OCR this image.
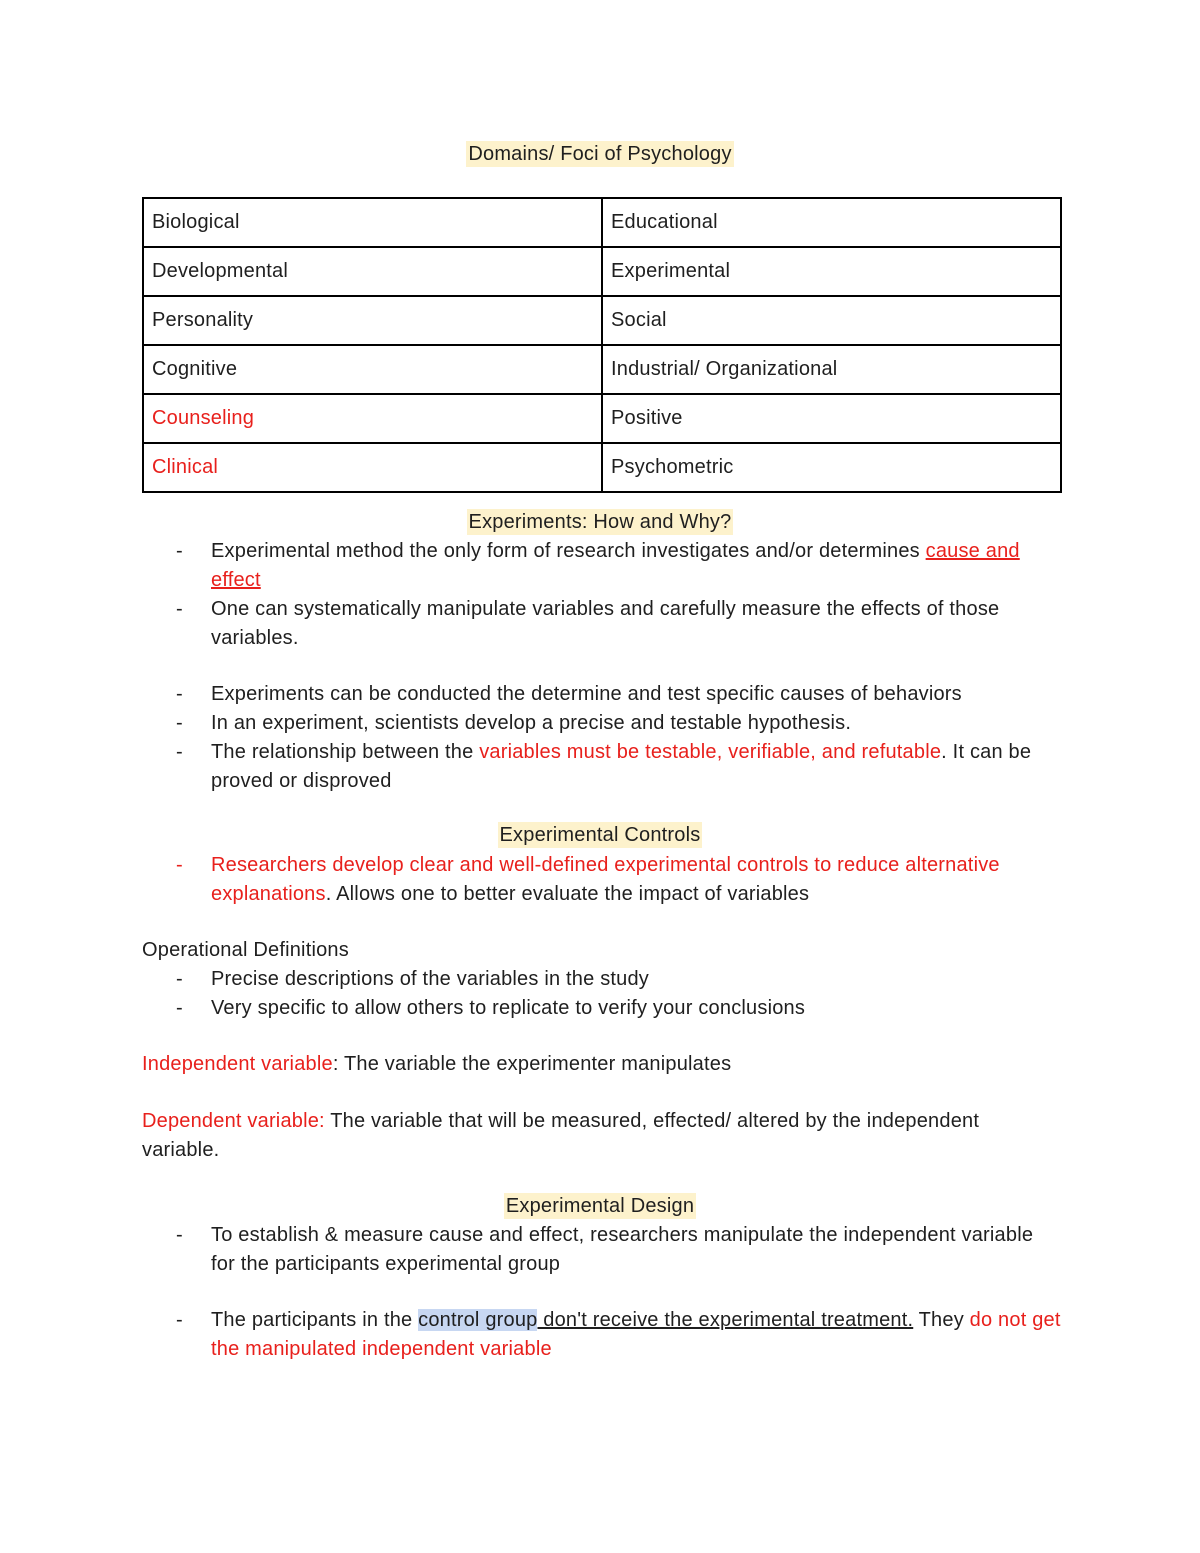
Domains/ Foci of Psychology
Biological	Educational
Developmental	Experimental
Personality	Social
Cognitive	Industrial/ Organizational
Counseling	Positive
Clinical	Psychometric
Experiments: How and Why?
- Experimental method the only form of research investigates and/or determines cause and effect
- One can systematically manipulate variables and carefully measure the effects of those variables.
- Experiments can be conducted the determine and test specific causes of behaviors
- In an experiment, scientists develop a precise and testable hypothesis.
- The relationship between the variables must be testable, verifiable, and refutable. It can be proved or disproved
Experimental Controls
- Researchers develop clear and well-defined experimental controls to reduce alternative explanations. Allows one to better evaluate the impact of variables
Operational Definitions
- Precise descriptions of the variables in the study
- Very specific to allow others to replicate to verify your conclusions
Independent variable: The variable the experimenter manipulates
Dependent variable: The variable that will be measured, effected/ altered by the independent variable.
Experimental Design
- To establish & measure cause and effect, researchers manipulate the independent variable for the participants experimental group
- The participants in the control group don't receive the experimental treatment. They do not get the manipulated independent variable
